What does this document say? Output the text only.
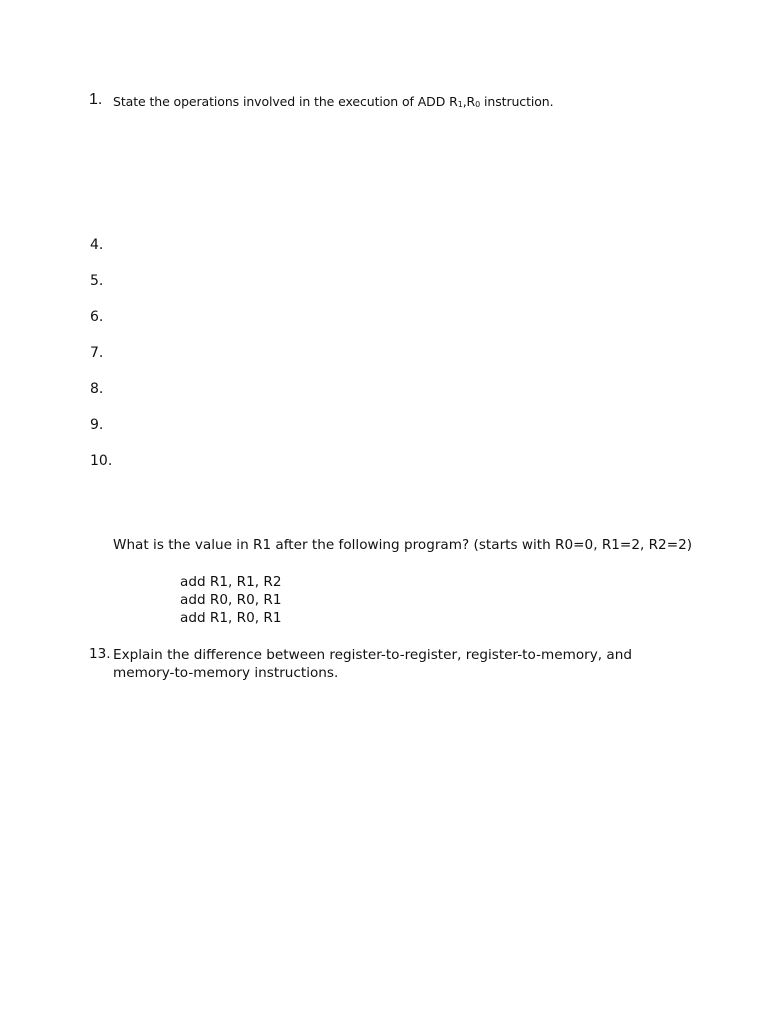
1. State the operations involved in the execution of ADD $R_1,R_0$ instruction.
4.
5.
6.
7.
8.
9.
10.
What is the value in R1 after the following program? (starts with R0=0, R1=2, R2=2)
add R1, R1, R2
add R0, R0, R1
add R1, R0, R1
13. Explain the difference between register-to-register, register-to-memory, and memory-to-memory instructions.
